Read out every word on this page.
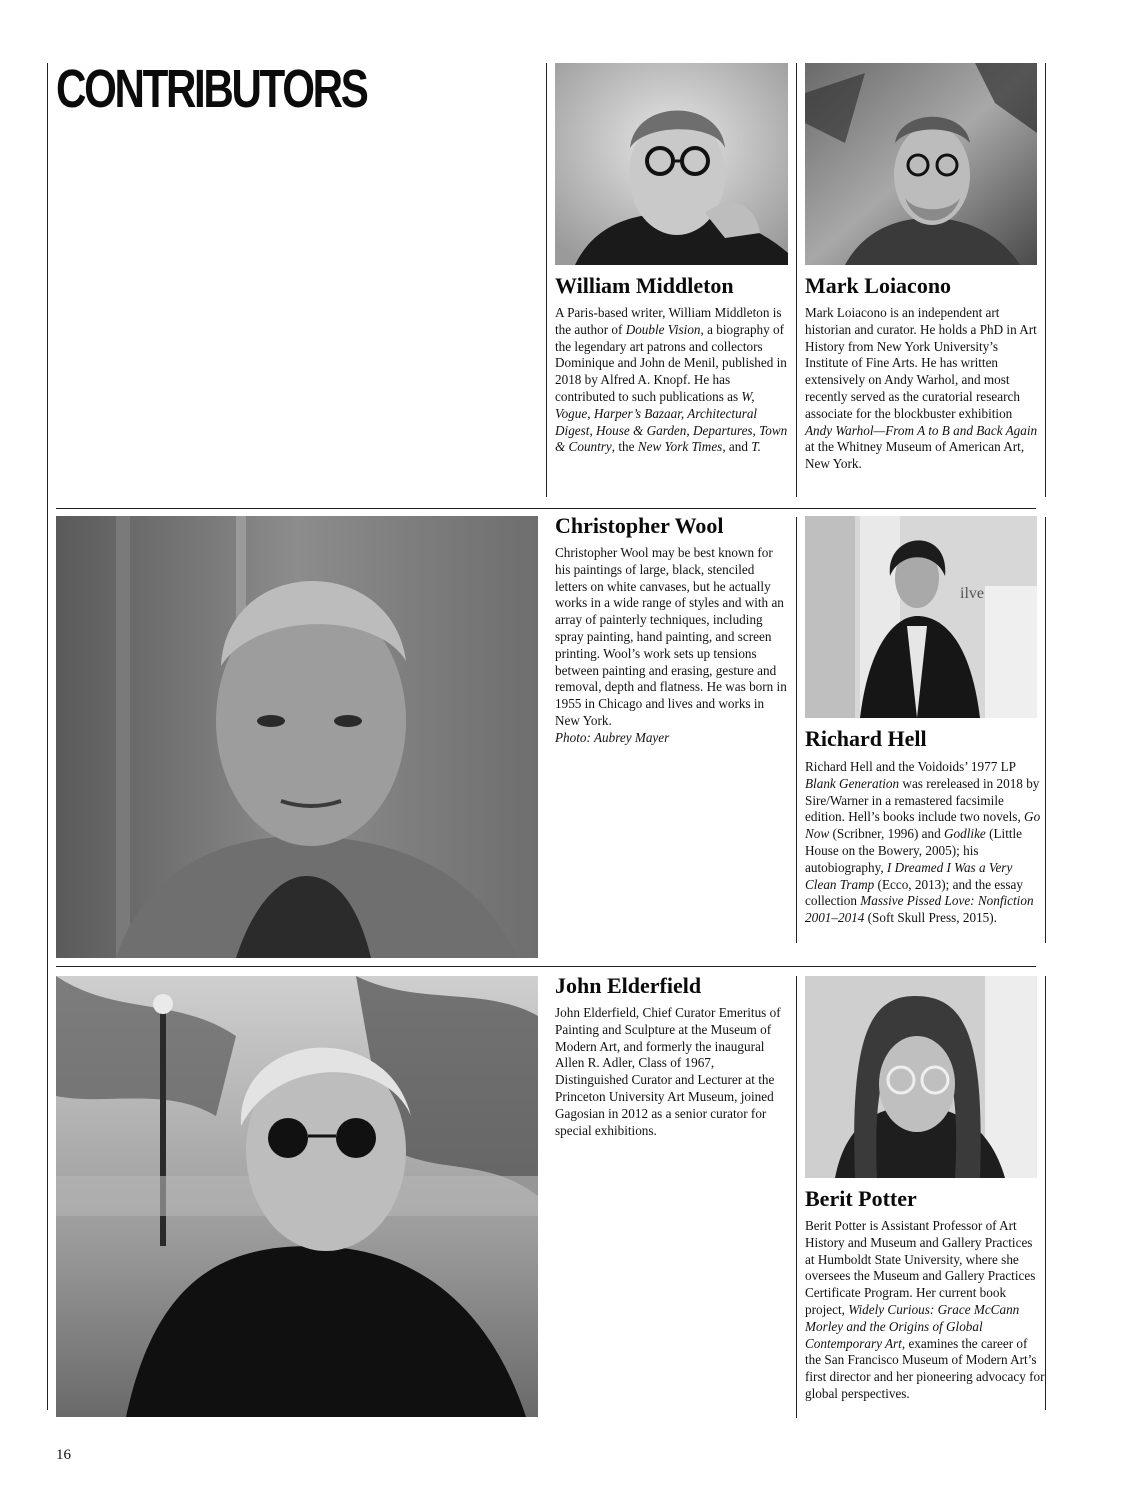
CONTRIBUTORS
William Middleton
A Paris-based writer, William Middleton is the author of Double Vision, a biography of the legendary art patrons and collectors Dominique and John de Menil, published in 2018 by Alfred A. Knopf. He has contributed to such publications as W, Vogue, Harper’s Bazaar, Architectural Digest, House & Garden, Departures, Town & Country, the New York Times, and T.
Mark Loiacono
Mark Loiacono is an independent art historian and curator. He holds a PhD in Art History from New York University’s Institute of Fine Arts. He has written extensively on Andy Warhol, and most recently served as the curatorial research associate for the blockbuster exhibition Andy Warhol—From A to B and Back Again at the Whitney Museum of American Art, New York.
Christopher Wool
Christopher Wool may be best known for his paintings of large, black, stenciled letters on white canvases, but he actually works in a wide range of styles and with an array of painterly techniques, including spray painting, hand painting, and screen printing. Wool’s work sets up tensions between painting and erasing, gesture and removal, depth and flatness. He was born in 1955 in Chicago and lives and works in New York.
Photo: Aubrey Mayer
ilve
Richard Hell
Richard Hell and the Voidoids’ 1977 LP Blank Generation was rereleased in 2018 by Sire/Warner in a remastered facsimile edition. Hell’s books include two novels, Go Now (Scribner, 1996) and Godlike (Little House on the Bowery, 2005); his autobiography, I Dreamed I Was a Very Clean Tramp (Ecco, 2013); and the essay collection Massive Pissed Love: Nonfiction 2001–2014 (Soft Skull Press, 2015).
John Elderfield
John Elderfield, Chief Curator Emeritus of Painting and Sculpture at the Museum of Modern Art, and formerly the inaugural Allen R. Adler, Class of 1967, Distinguished Curator and Lecturer at the Princeton University Art Museum, joined Gagosian in 2012 as a senior curator for special exhibitions.
Berit Potter
Berit Potter is Assistant Professor of Art History and Museum and Gallery Practices at Humboldt State University, where she oversees the Museum and Gallery Practices Certificate Program. Her current book project, Widely Curious: Grace McCann Morley and the Origins of Global Contemporary Art, examines the career of the San Francisco Museum of Modern Art’s first director and her pioneering advocacy for global perspectives.
16
